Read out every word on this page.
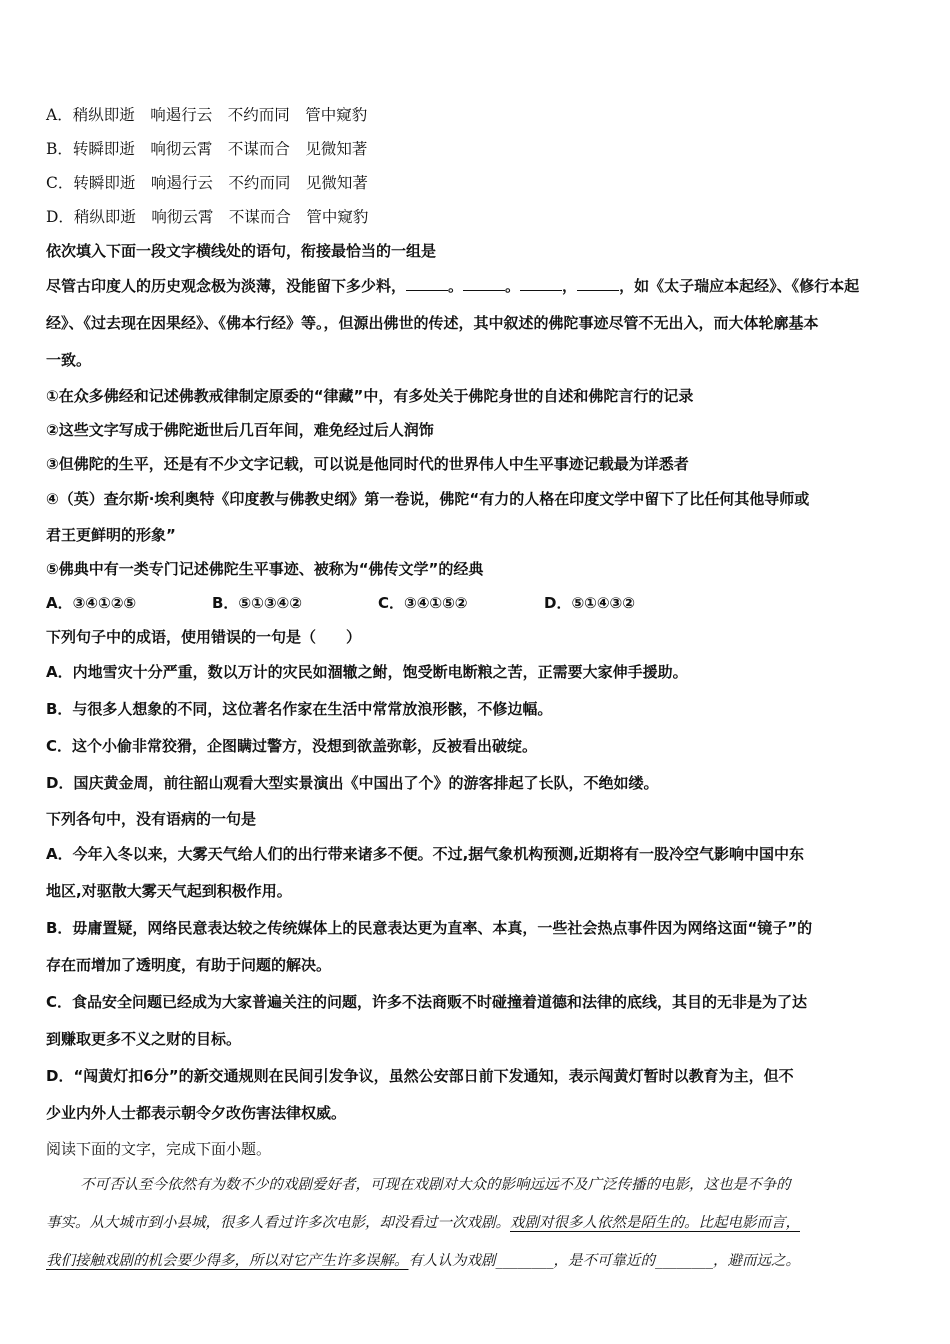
A．稍纵即逝　响遏行云　不约而同　管中窥豹
B．转瞬即逝　响彻云霄　不谋而合　见微知著
C．转瞬即逝　响遏行云　不约而同　见微知著
D．稍纵即逝　响彻云霄　不谋而合　管中窥豹
依次填入下面一段文字横线处的语句，衔接最恰当的一组是
尽管古印度人的历史观念极为淡薄，没能留下多少料，	。	。	，	，如《太子瑞应本起经》、《修行本起
经》、《过去现在因果经》、《佛本行经》等。，但源出佛世的传述，其中叙述的佛陀事迹尽管不无出入，而大体轮廓基本
一致。
①在众多佛经和记述佛教戒律制定原委的“律藏”中，有多处关于佛陀身世的自述和佛陀言行的记录
②这些文字写成于佛陀逝世后几百年间，难免经过后人润饰
③但佛陀的生平，还是有不少文字记载，可以说是他同时代的世界伟人中生平事迹记载最为详悉者
④（英）查尔斯·埃利奥特《印度教与佛教史纲》第一卷说，佛陀“有力的人格在印度文学中留下了比任何其他导师或
君王更鲜明的形象”
⑤佛典中有一类专门记述佛陀生平事迹、被称为“佛传文学”的经典
A．③④①②⑤	B．⑤①③④②	C．③④①⑤②	D．⑤①④③②
下列句子中的成语，使用错误的一句是（　　）
A．内地雪灾十分严重，数以万计的灾民如涸辙之鲋，饱受断电断粮之苦，正需要大家伸手援助。
B．与很多人想象的不同，这位著名作家在生活中常常放浪形骸，不修边幅。
C．这个小偷非常狡猾，企图瞒过警方，没想到欲盖弥彰，反被看出破绽。
D．国庆黄金周，前往韶山观看大型实景演出《中国出了个》的游客排起了长队，不绝如缕。
下列各句中，没有语病的一句是
A．今年入冬以来，大雾天气给人们的出行带来诸多不便。不过,据气象机构预测,近期将有一股冷空气影响中国中东
地区,对驱散大雾天气起到积极作用。
B．毋庸置疑，网络民意表达较之传统媒体上的民意表达更为直率、本真，一些社会热点事件因为网络这面“镜子”的
存在而增加了透明度，有助于问题的解决。
C．食品安全问题已经成为大家普遍关注的问题，许多不法商贩不时碰撞着道德和法律的底线，其目的无非是为了达
到赚取更多不义之财的目标。
D．“闯黄灯扣6分”的新交通规则在民间引发争议，虽然公安部日前下发通知，表示闯黄灯暂时以教育为主，但不
少业内外人士都表示朝令夕改伤害法律权威。
阅读下面的文字，完成下面小题。
不可否认至今依然有为数不少的戏剧爱好者，可现在戏剧对大众的影响远远不及广泛传播的电影，这也是不争的
事实。从大城市到小县城，很多人看过许多次电影，却没看过一次戏剧。戏剧对很多人依然是陌生的。比起电影而言，
我们接触戏剧的机会要少得多，所以对它产生许多误解。有人认为戏剧________，是不可靠近的________，避而远之。
